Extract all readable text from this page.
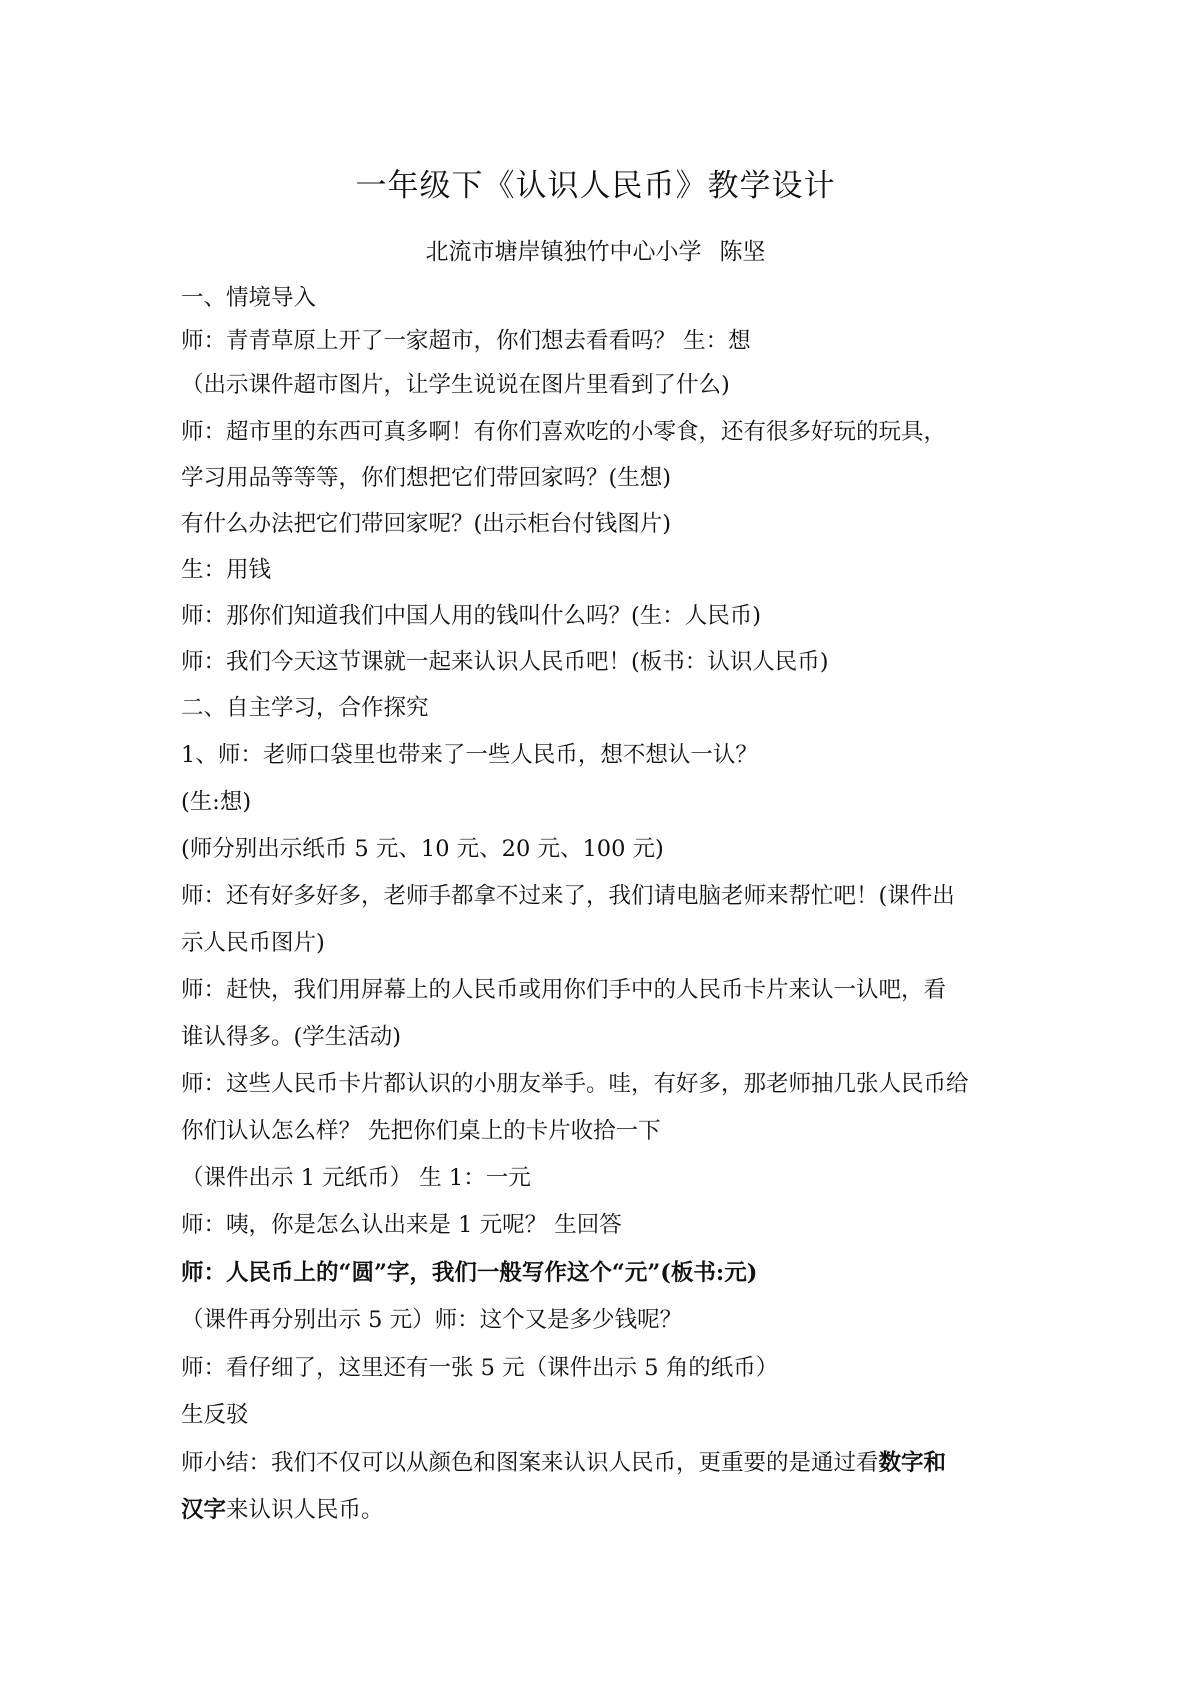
一年级下《认识人民币》教学设计
北流市塘岸镇独竹中心小学 陈坚
一、情境导入
师：青青草原上开了一家超市，你们想去看看吗？ 生：想
（出示课件超市图片，让学生说说在图片里看到了什么)
师：超市里的东西可真多啊！有你们喜欢吃的小零食，还有很多好玩的玩具，
学习用品等等等，你们想把它们带回家吗？(生想)
有什么办法把它们带回家呢？(出示柜台付钱图片)
生：用钱
师：那你们知道我们中国人用的钱叫什么吗？(生：人民币)
师：我们今天这节课就一起来认识人民币吧！(板书：认识人民币)
二、自主学习，合作探究
1、师：老师口袋里也带来了一些人民币，想不想认一认？
(生:想)
(师分别出示纸币 5 元、10 元、20 元、100 元)
师：还有好多好多，老师手都拿不过来了，我们请电脑老师来帮忙吧！(课件出
示人民币图片)
师：赶快，我们用屏幕上的人民币或用你们手中的人民币卡片来认一认吧，看
谁认得多。(学生活动)
师：这些人民币卡片都认识的小朋友举手。哇，有好多，那老师抽几张人民币给
你们认认怎么样？ 先把你们桌上的卡片收拾一下
（课件出示 1 元纸币） 生 1：一元
师：咦，你是怎么认出来是 1 元呢？ 生回答
师：人民币上的“圆”字，我们一般写作这个“元”(板书:元)
（课件再分别出示 5 元）师：这个又是多少钱呢？
师：看仔细了，这里还有一张 5 元（课件出示 5 角的纸币）
生反驳
师小结：我们不仅可以从颜色和图案来认识人民币，更重要的是通过看数字和
汉字来认识人民币。
